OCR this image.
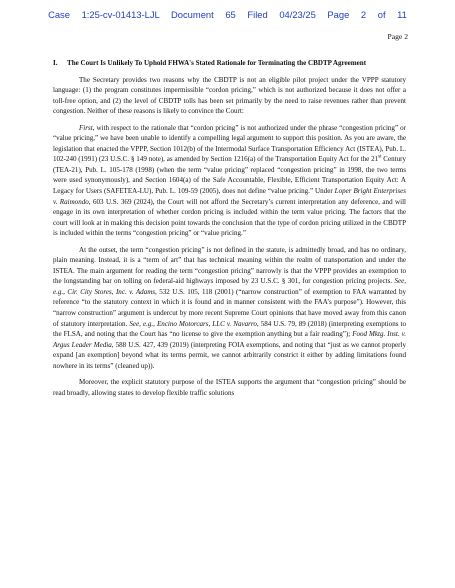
Case 1:25-cv-01413-LJL Document 65 Filed 04/23/25 Page 2 of 11
Page 2
I.	The Court Is Unlikely To Uphold FHWA's Stated Rationale for Terminating the CBDTP Agreement

The Secretary provides two reasons why the CBDTP is not an eligible pilot project under the VPPP statutory language: (1) the program constitutes impermissible “cordon pricing,” which is not authorized because it does not offer a toll-free option, and (2) the level of CBDTP tolls has been set primarily by the need to raise revenues rather than prevent congestion. Neither of these reasons is likely to convince the Court:

First, with respect to the rationale that “cordon pricing” is not authorized under the phrase “congestion pricing” or “value pricing,” we have been unable to identify a compelling legal argument to support this position. As you are aware, the legislation that enacted the VPPP, Section 1012(b) of the Intermodal Surface Transportation Efficiency Act (ISTEA), Pub. L. 102-240 (1991) (23 U.S.C. § 149 note), as amended by Section 1216(a) of the Transportation Equity Act for the 21st Century (TEA-21), Pub. L. 105-178 (1998) (when the term “value pricing” replaced “congestion pricing” in 1998, the two terms were used synonymously), and Section 1604(a) of the Safe Accountable, Flexible, Efficient Transportation Equity Act: A Legacy for Users (SAFETEA-LU), Pub. L. 109-59 (2005), does not define “value pricing.” Under Loper Bright Enterprises v. Raimondo, 603 U.S. 369 (2024), the Court will not afford the Secretary’s current interpretation any deference, and will engage in its own interpretation of whether cordon pricing is included within the term value pricing. The factors that the court will look at in making this decision point towards the conclusion that the type of cordon pricing utilized in the CBDTP is included within the terms “congestion pricing” or “value pricing.”

At the outset, the term “congestion pricing” is not defined in the statute, is admittedly broad, and has no ordinary, plain meaning. Instead, it is a “term of art” that has technical meaning within the realm of transportation and under the ISTEA. The main argument for reading the term “congestion pricing” narrowly is that the VPPP provides an exemption to the longstanding bar on tolling on federal-aid highways imposed by 23 U.S.C. § 301, for congestion pricing projects. See, e.g., Cir. City Stores, Inc. v. Adams, 532 U.S. 105, 118 (2001) (“narrow construction” of exemption to FAA warranted by reference “to the statutory context in which it is found and in manner consistent with the FAA’s purpose”). However, this “narrow construction” argument is undercut by more recent Supreme Court opinions that have moved away from this canon of statutory interpretation. See, e.g., Encino Motorcars, LLC v. Navarro, 584 U.S. 79, 89 (2018) (interpreting exemptions to the FLSA, and noting that the Court has “no license to give the exemption anything but a fair reading”); Food Mktg. Inst. v. Argus Leader Media, 588 U.S. 427, 439 (2019) (interpreting FOIA exemptions, and noting that “just as we cannot properly expand [an exemption] beyond what its terms permit, we cannot arbitrarily constrict it either by adding limitations found nowhere in its terms” (cleaned up)).

Moreover, the explicit statutory purpose of the ISTEA supports the argument that “congestion pricing” should be read broadly, allowing states to develop flexible traffic solutions
